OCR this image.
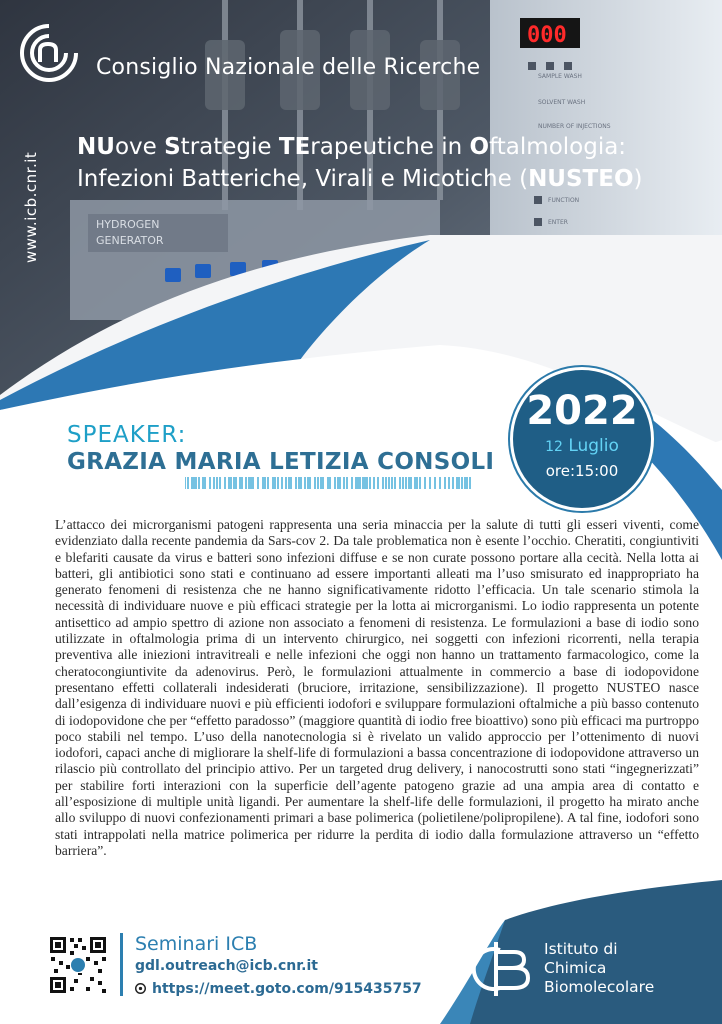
HYDROGEN
GENERATOR
000
SAMPLE WASH
SOLVENT WASH
NUMBER OF INJECTIONS
FUNCTION
ENTER
Consiglio Nazionale delle Ricerche
www.icb.cnr.it
NUove Strategie TErapeutiche in Oftalmologia:
Infezioni Batteriche, Virali e Micotiche (NUSTEO)
SPEAKER:
GRAZIA MARIA LETIZIA CONSOLI
2022
12 Luglio
ore:15:00
L’attacco dei microrganismi patogeni rappresenta una seria minaccia per la salute di tutti gli esseri viventi, come evidenziato dalla recente pandemia da Sars-cov 2. Da tale problematica non è esente l’occhio. Cheratiti, congiuntiviti e blefariti causate da virus e batteri sono infezioni diffuse e se non curate possono portare alla cecità. Nella lotta ai batteri, gli antibiotici sono stati e continuano ad essere importanti alleati ma l’uso smisurato ed inappropriato ha generato fenomeni di resistenza che ne hanno significativamente ridotto l’efficacia. Un tale scenario stimola la necessità di individuare nuove e più efficaci strategie per la lotta ai microrganismi. Lo iodio rappresenta un potente antisettico ad ampio spettro di azione non associato a fenomeni di resistenza. Le formulazioni a base di iodio sono utilizzate in oftalmologia prima di un intervento chirurgico, nei soggetti con infezioni ricorrenti, nella terapia preventiva alle iniezioni intravitreali e nelle infezioni che oggi non hanno un trattamento farmacologico, come la cheratocongiuntivite da adenovirus. Però, le formulazioni attualmente in commercio a base di iodopovidone presentano effetti collaterali indesiderati (bruciore, irritazione, sensibilizzazione). Il progetto NUSTEO nasce dall’esigenza di individuare nuovi e più efficienti iodofori e sviluppare formulazioni oftalmiche a più basso contenuto di iodopovidone che per “effetto paradosso” (maggiore quantità di iodio free bioattivo) sono più efficaci ma purtroppo poco stabili nel tempo. L’uso della nanotecnologia si è rivelato un valido approccio per l’ottenimento di nuovi iodofori, capaci anche di migliorare la shelf-life di formulazioni a bassa concentrazione di iodopovidone attraverso un rilascio più controllato del principio attivo. Per un targeted drug delivery, i nanocostrutti sono stati “ingegnerizzati” per stabilire forti interazioni con la superficie dell’agente patogeno grazie ad una ampia area di contatto e all’esposizione di multiple unità ligandi. Per aumentare la shelf-life delle formulazioni, il progetto ha mirato anche allo sviluppo di nuovi confezionamenti primari a base polimerica (polietilene/polipropilene). A tal fine, iodofori sono stati intrappolati nella matrice polimerica per ridurre la perdita di iodio dalla formulazione attraverso un “effetto barriera”.
Seminari ICB
gdl.outreach@icb.cnr.it
https://meet.goto.com/915435757
Istituto di
Chimica
Biomolecolare
